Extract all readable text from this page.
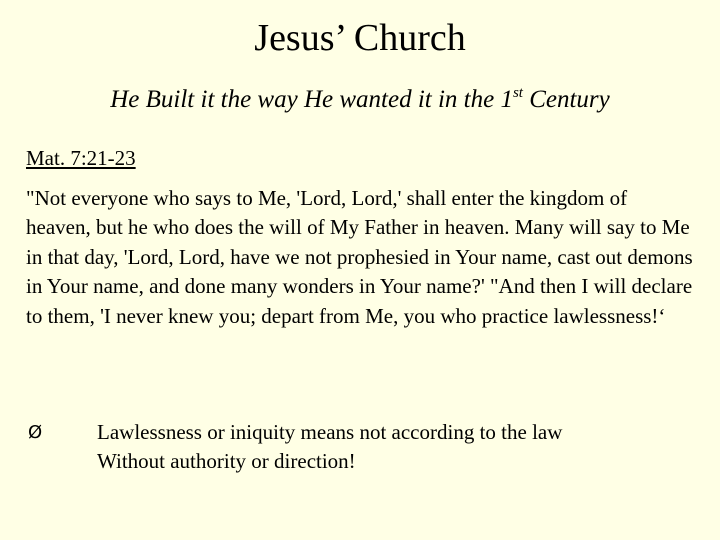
Jesus’ Church
He Built it the way He wanted it in the 1st Century
Mat. 7:21-23

"Not everyone who says to Me, 'Lord, Lord,' shall enter the kingdom of heaven, but he who does the will of My Father in heaven. Many will say to Me in that day, 'Lord, Lord, have we not prophesied in Your name, cast out demons in Your name, and done many wonders in Your name?' "And then I will declare to them, 'I never knew you; depart from Me, you who practice lawlessness!‘

Ø	Lawlessness or iniquity means not according to the law
Without authority or direction!
